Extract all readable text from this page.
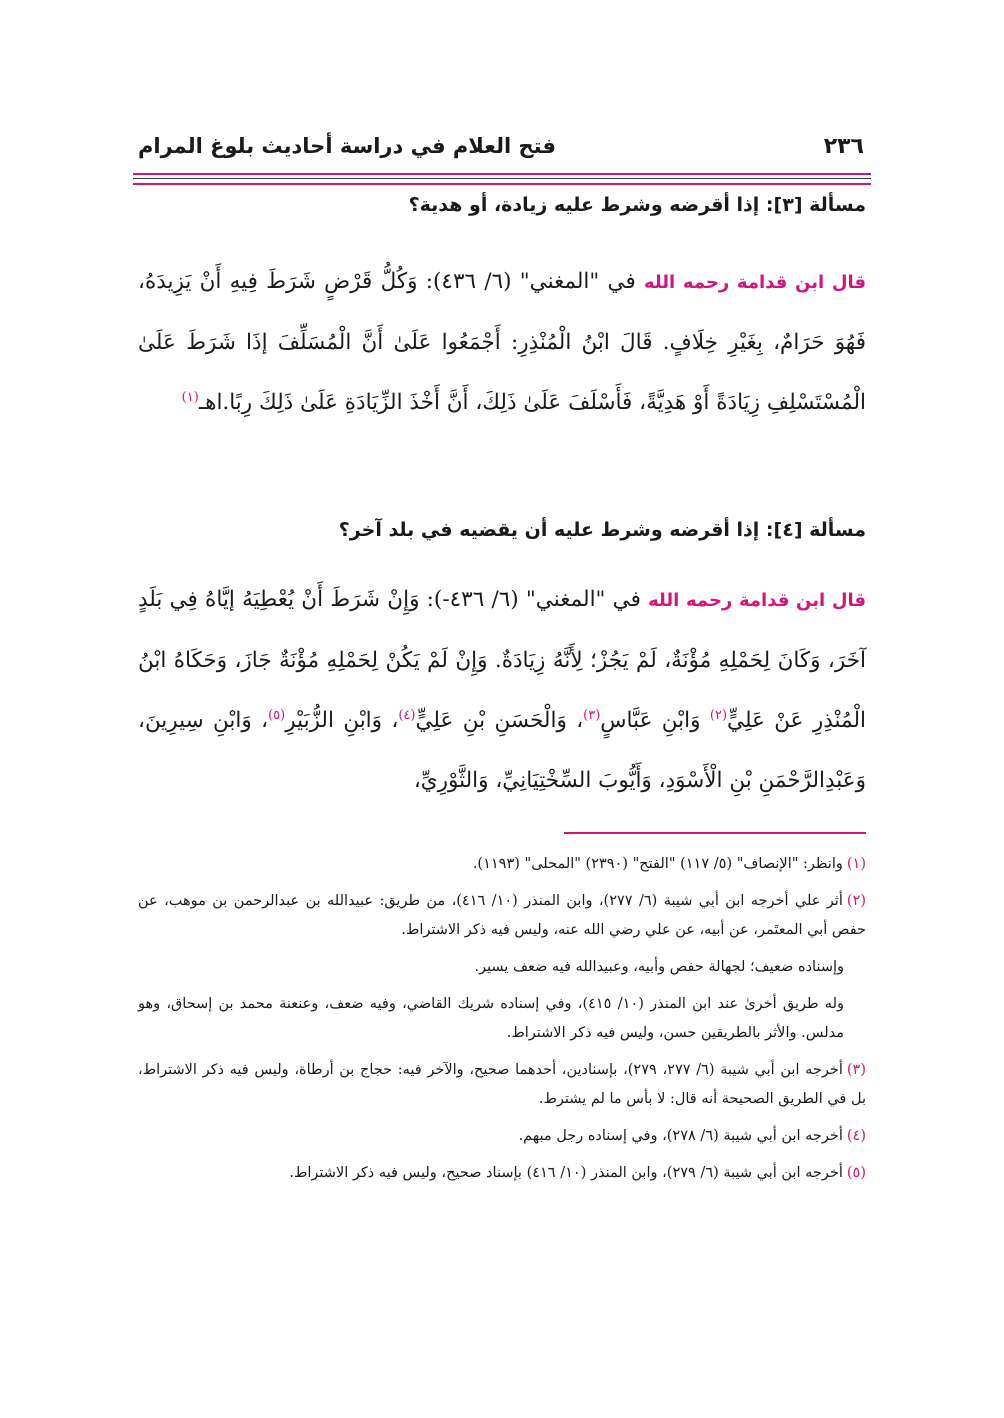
٢٣٦
فتح العلام في دراسة أحاديث بلوغ المرام
مسألة [٣]: إذا أقرضه وشرط عليه زيادة، أو هدية؟
قال ابن قدامة رحمه الله في "المغني" (٦/ ٤٣٦): وَكُلُّ قَرْضٍ شَرَطَ فِيهِ أَنْ يَزِيدَهُ، فَهُوَ حَرَامٌ، بِغَيْرِ خِلَافٍ. قَالَ ابْنُ الْمُنْذِرِ: أَجْمَعُوا عَلَىٰ أَنَّ الْمُسَلِّفَ إذَا شَرَطَ عَلَىٰ الْمُسْتَسْلِفِ زِيَادَةً أَوْ هَدِيَّةً، فَأَسْلَفَ عَلَىٰ ذَلِكَ، أَنَّ أَخْذَ الزِّيَادَةِ عَلَىٰ ذَلِكَ رِبًا.اهـ$^{(١)}$
مسألة [٤]: إذا أقرضه وشرط عليه أن يقضيه في بلد آخر؟
قال ابن قدامة رحمه الله في "المغني" (٦/ ٤٣٦-): وَإِنْ شَرَطَ أَنْ يُعْطِيَهُ إيَّاهُ فِي بَلَدٍ آخَرَ، وَكَانَ لِحَمْلِهِ مُؤْنَةٌ، لَمْ يَجُزْ؛ لِأَنَّهُ زِيَادَةٌ. وَإِنْ لَمْ يَكُنْ لِحَمْلِهِ مُؤْنَةٌ جَازَ، وَحَكَاهُ ابْنُ الْمُنْذِرِ عَنْ عَلِيٍّ$^{(٢)}$ وَابْنِ عَبَّاسٍ$^{(٣)}$، وَالْحَسَنِ بْنِ عَلِيٍّ$^{(٤)}$، وَابْنِ الزُّبَيْرِ$^{(٥)}$، وَابْنِ سِيرِينَ، وَعَبْدِالرَّحْمَنِ بْنِ الْأَسْوَدِ، وَأَيُّوبَ السِّخْتِيَانِيِّ، وَالثَّوْرِيِّ،

(١)وانظر: "الإنصاف" (٥/ ١١٧) "الفتح" (٢٣٩٠) "المحلى" (١١٩٣).

(٢)أثر علي أخرجه ابن أبي شيبة (٦/ ٢٧٧)، وابن المنذر (١٠/ ٤١٦)، من طريق: عبيدالله بن عبدالرحمن بن موهب، عن حفص أبي المعتَمر، عن أبيه، عن علي رضي الله عنه، وليس فيه ذكر الاشتراط.

وإسناده ضعيف؛ لجهالة حفص وأبيه، وعبيدالله فيه ضعف يسير.

وله طريق أخرىٰ عند ابن المنذر (١٠/ ٤١٥)، وفي إسناده شريك القاضي، وفيه ضعف، وعنعنة محمد بن إسحاق، وهو مدلس. والأثر بالطريقين حسن، وليس فيه ذكر الاشتراط.

(٣)أخرجه ابن أبي شيبة (٦/ ٢٧٧، ٢٧٩)، بإسنادين، أحدهما صحيح، والآخر فيه: حجاج بن أرطاة، وليس فيه ذكر الاشتراط، بل في الطريق الصحيحة أنه قال: لا بأس ما لم يشترط.

(٤)أخرجه ابن أبي شيبة (٦/ ٢٧٨)، وفي إسناده رجل مبهم.

(٥)أخرجه ابن أبي شيبة (٦/ ٢٧٩)، وابن المنذر (١٠/ ٤١٦) بإسناد صحيح، وليس فيه ذكر الاشتراط.
